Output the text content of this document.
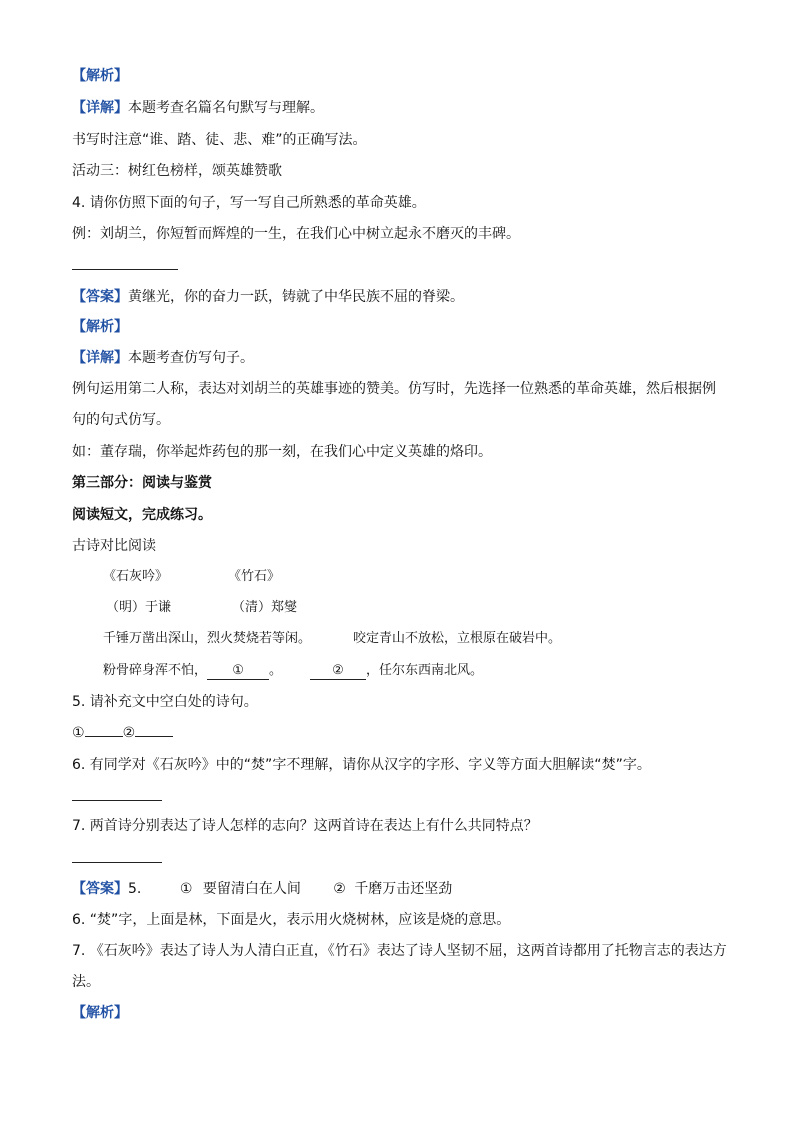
【解析】
【详解】本题考查名篇名句默写与理解。
书写时注意“谁、踏、徒、悲、难”的正确写法。
活动三：树红色榜样，颂英雄赞歌
4. 请你仿照下面的句子，写一写自己所熟悉的革命英雄。
例：刘胡兰，你短暂而辉煌的一生，在我们心中树立起永不磨灭的丰碑。
【答案】黄继光，你的奋力一跃，铸就了中华民族不屈的脊梁。
【解析】
【详解】本题考查仿写句子。
例句运用第二人称，表达对刘胡兰的英雄事迹的赞美。仿写时，先选择一位熟悉的革命英雄，然后根据例
句的句式仿写。
如：董存瑞，你举起炸药包的那一刻，在我们心中定义英雄的烙印。
第三部分：阅读与鉴赏
阅读短文，完成练习。
古诗对比阅读
《石灰吟》	《竹石》
（明）于谦	（清）郑燮
千锤万凿出深山，烈火焚烧若等闲。	咬定青山不放松，立根原在破岩中。
粉骨碎身浑不怕， ① 。	② ，任尔东西南北风。
5. 请补充文中空白处的诗句。
①	②
6. 有同学对《石灰吟》中的“焚”字不理解，请你从汉字的字形、字义等方面大胆解读“焚”字。
7. 两首诗分别表达了诗人怎样的志向？这两首诗在表达上有什么共同特点？
【答案】5.	① 要留清白在人间 ② 千磨万击还坚劲
6. “焚”字，上面是林，下面是火，表示用火烧树林，应该是烧的意思。
7. 《石灰吟》表达了诗人为人清白正直，《竹石》表达了诗人坚韧不屈，这两首诗都用了托物言志的表达方
法。
【解析】
